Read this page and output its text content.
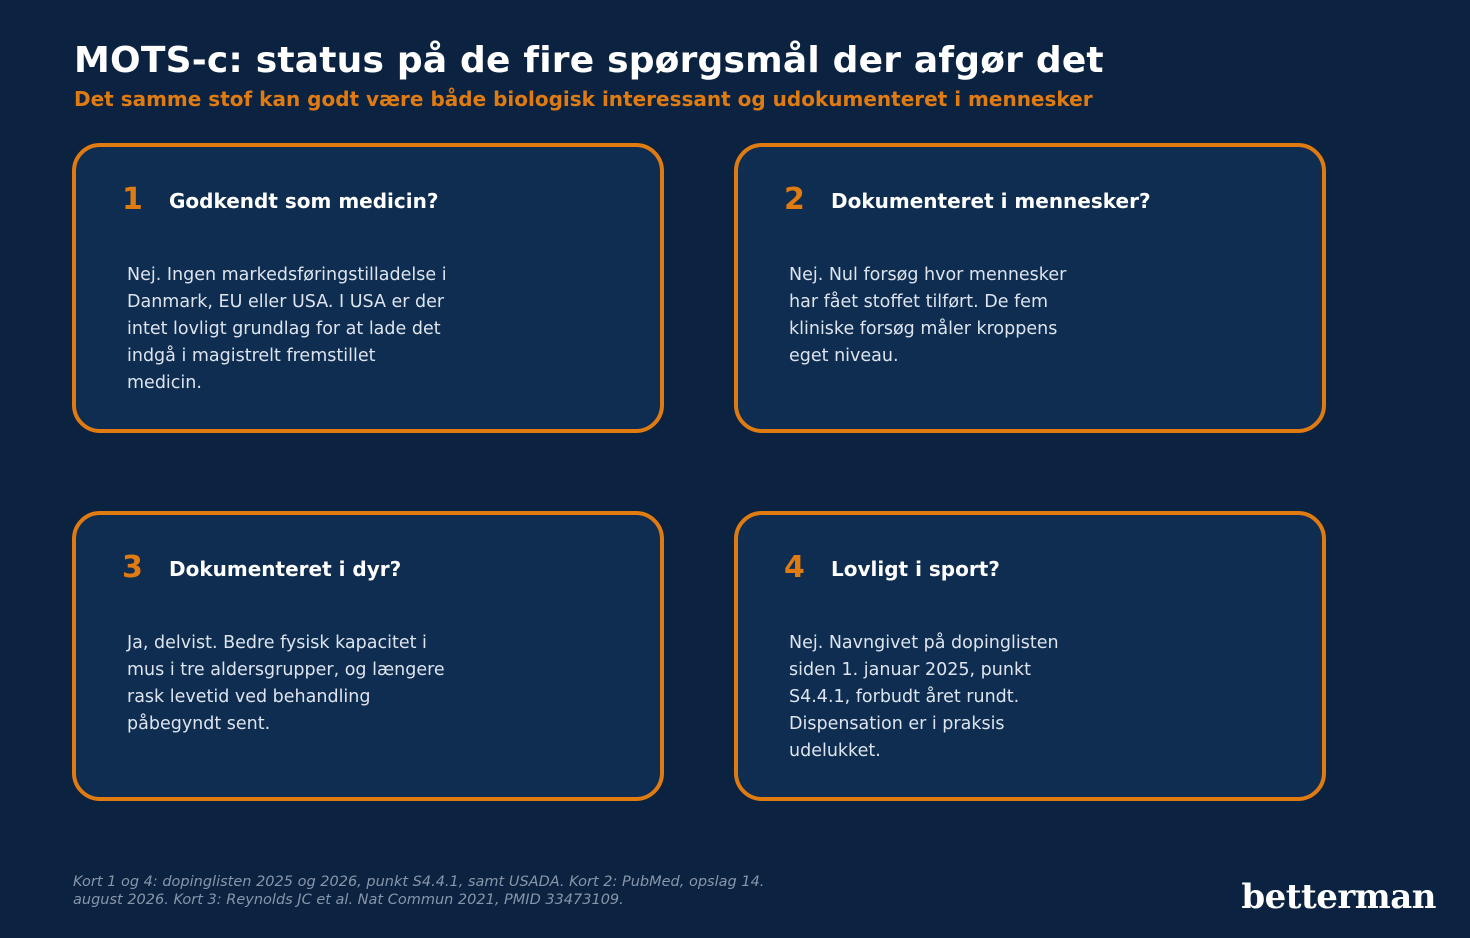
MOTS-c: status på de fire spørgsmål der afgør det
Det samme stof kan godt være både biologisk interessant og udokumenteret i mennesker
1 Godkendt som medicin?
Nej. Ingen markedsføringstilladelse i Danmark, EU eller USA. I USA er der intet lovligt grundlag for at lade det indgå i magistrelt fremstillet medicin.
2 Dokumenteret i mennesker?
Nej. Nul forsøg hvor mennesker har fået stoffet tilført. De fem kliniske forsøg måler kroppens eget niveau.
3 Dokumenteret i dyr?
Ja, delvist. Bedre fysisk kapacitet i mus i tre aldersgrupper, og længere rask levetid ved behandling påbegyndt sent.
4 Lovligt i sport?
Nej. Navngivet på dopinglisten siden 1. januar 2025, punkt S4.4.1, forbudt året rundt. Dispensation er i praksis udelukket.
Kort 1 og 4: dopinglisten 2025 og 2026, punkt S4.4.1, samt USADA. Kort 2: PubMed, opslag 14. august 2026. Kort 3: Reynolds JC et al. Nat Commun 2021, PMID 33473109.	betterman
